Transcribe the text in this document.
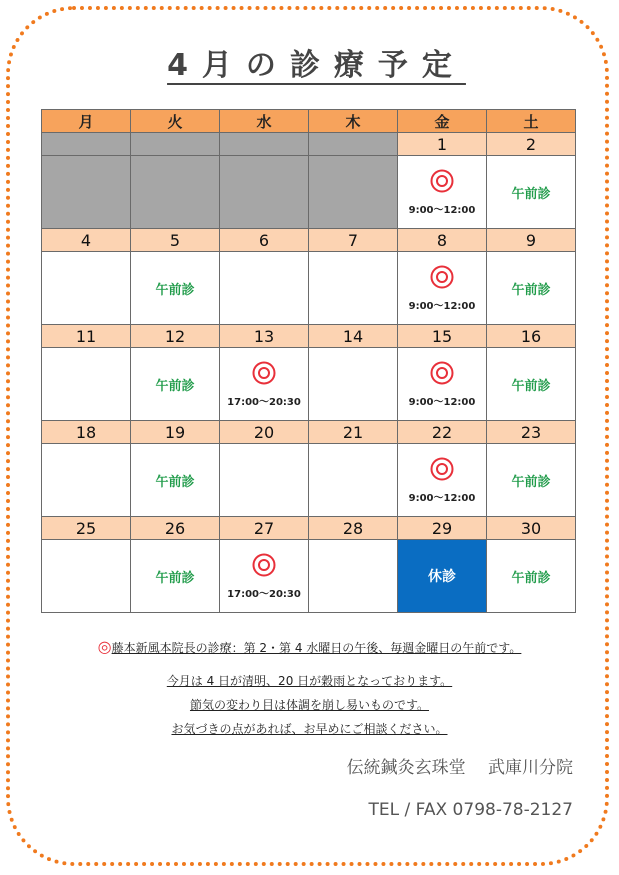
4月の診療予定
月	火	水	木	金	土
				1	2

				9:00～12:00	午前診
4	5	6	7	8	9
	午前診			9:00～12:00	午前診
11	12	13	14	15	16
	午前診	17:00～20:30		9:00～12:00	午前診
18	19	20	21	22	23
	午前診			9:00～12:00	午前診
25	26	27	28	29	30
	午前診	17:00～20:30		休診	午前診
◎藤本新風本院長の診療：第 2・第 4 水曜日の午後、毎週金曜日の午前です。
今月は 4 日が清明、20 日が穀雨となっております。
節気の変わり目は体調を崩し易いものです。
お気づきの点があれば、お早めにご相談ください。
伝統鍼灸玄珠堂　 武庫川分院
TEL / FAX 0798-78-2127
